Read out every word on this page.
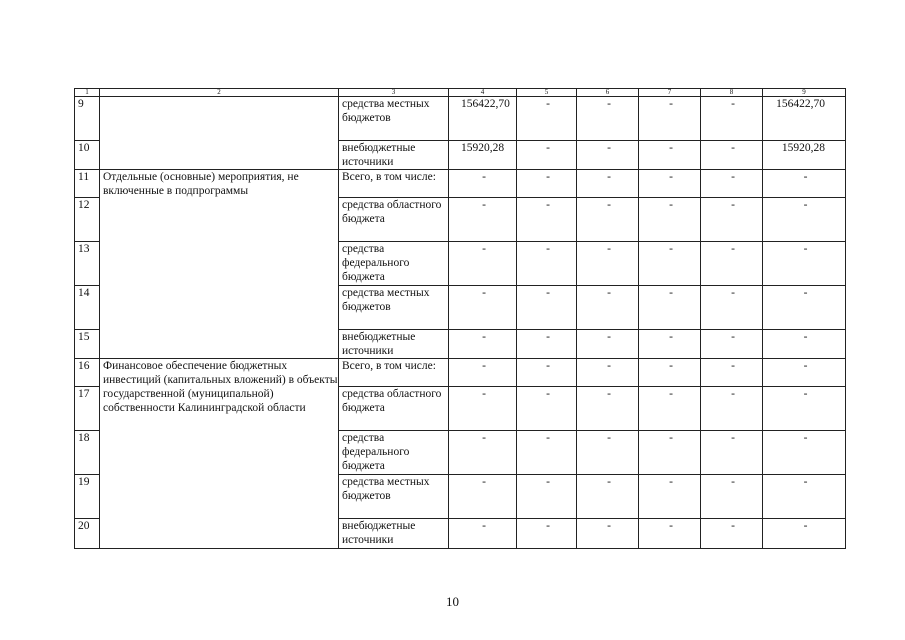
1	2	3	4	5	6	7	8	9
9		средства местных бюджетов	156422,70	-	-	-	-	156422,70
10		внебюджетные источники	15920,28	-	-	-	-	15920,28
11	Отдельные (основные) мероприятия, не включенные в подпрограммы	Всего, в том числе:	-	-	-	-	-	-
12		средства областного бюджета	-	-	-	-	-	-
13		средства федерального бюджета	-	-	-	-	-	-
14		средства местных бюджетов	-	-	-	-	-	-
15		внебюджетные источники	-	-	-	-	-	-
16	Финансовое обеспечение бюджетных инвестиций (капитальных вложений) в объекты государственной (муниципальной) собственности Калининградской области	Всего, в том числе:	-	-	-	-	-	-
17		средства областного бюджета	-	-	-	-	-	-
18		средства федерального бюджета	-	-	-	-	-	-
19		средства местных бюджетов	-	-	-	-	-	-
20		внебюджетные источники	-	-	-	-	-	-
10
